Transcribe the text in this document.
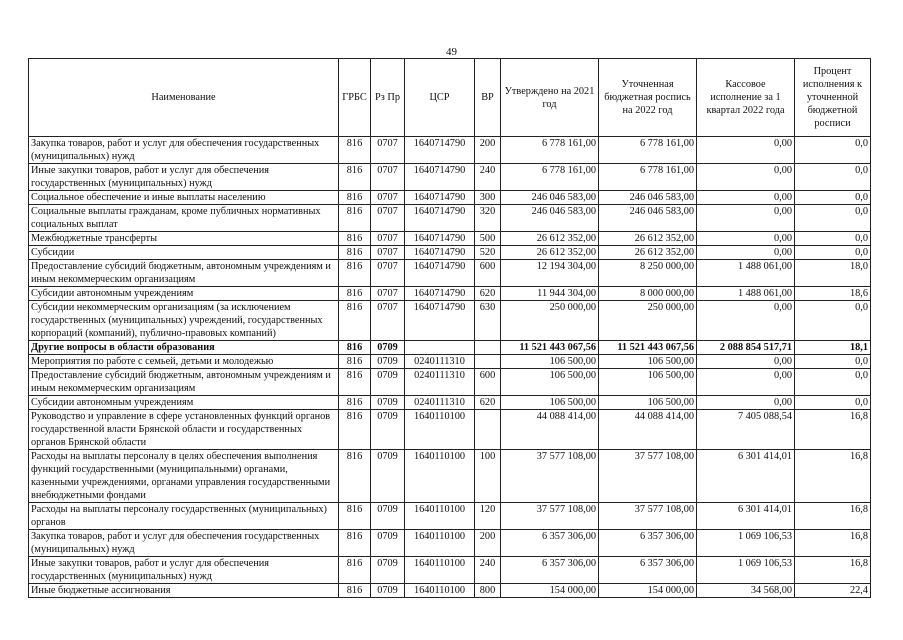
49
Наименование	ГРБС	Рз Пр	ЦСР	ВР	Утверждено на 2021 год	Уточненная бюджетная роспись на 2022 год	Кассовое исполнение за 1 квартал 2022 года	Процент исполнения к уточненной бюджетной росписи
Закупка товаров, работ и услуг для обеспечения государственных (муниципальных) нужд	816	0707	1640714790	200	6 778 161,00	6 778 161,00	0,00	0,0
Иные закупки товаров, работ и услуг для обеспечения государственных (муниципальных) нужд	816	0707	1640714790	240	6 778 161,00	6 778 161,00	0,00	0,0
Социальное обеспечение и иные выплаты населению	816	0707	1640714790	300	246 046 583,00	246 046 583,00	0,00	0,0
Социальные выплаты гражданам, кроме публичных нормативных социальных выплат	816	0707	1640714790	320	246 046 583,00	246 046 583,00	0,00	0,0
Межбюджетные трансферты	816	0707	1640714790	500	26 612 352,00	26 612 352,00	0,00	0,0
Субсидии	816	0707	1640714790	520	26 612 352,00	26 612 352,00	0,00	0,0
Предоставление субсидий бюджетным, автономным учреждениям и иным некоммерческим организациям	816	0707	1640714790	600	12 194 304,00	8 250 000,00	1 488 061,00	18,0
Субсидии автономным учреждениям	816	0707	1640714790	620	11 944 304,00	8 000 000,00	1 488 061,00	18,6
Субсидии некоммерческим организациям (за исключением государственных (муниципальных) учреждений, государственных корпораций (компаний), публично-правовых компаний)	816	0707	1640714790	630	250 000,00	250 000,00	0,00	0,0
Другие вопросы в области образования	816	0709			11 521 443 067,56	11 521 443 067,56	2 088 854 517,71	18,1
Мероприятия по работе с семьей, детьми и молодежью	816	0709	0240111310		106 500,00	106 500,00	0,00	0,0
Предоставление субсидий бюджетным, автономным учреждениям и иным некоммерческим организациям	816	0709	0240111310	600	106 500,00	106 500,00	0,00	0,0
Субсидии автономным учреждениям	816	0709	0240111310	620	106 500,00	106 500,00	0,00	0,0
Руководство и управление в сфере установленных функций органов государственной власти Брянской области и государственных органов Брянской области	816	0709	1640110100		44 088 414,00	44 088 414,00	7 405 088,54	16,8
Расходы на выплаты персоналу в целях обеспечения выполнения функций государственными (муниципальными) органами, казенными учреждениями, органами управления государственными внебюджетными фондами	816	0709	1640110100	100	37 577 108,00	37 577 108,00	6 301 414,01	16,8
Расходы на выплаты персоналу государственных (муниципальных) органов	816	0709	1640110100	120	37 577 108,00	37 577 108,00	6 301 414,01	16,8
Закупка товаров, работ и услуг для обеспечения государственных (муниципальных) нужд	816	0709	1640110100	200	6 357 306,00	6 357 306,00	1 069 106,53	16,8
Иные закупки товаров, работ и услуг для обеспечения государственных (муниципальных) нужд	816	0709	1640110100	240	6 357 306,00	6 357 306,00	1 069 106,53	16,8
Иные бюджетные ассигнования	816	0709	1640110100	800	154 000,00	154 000,00	34 568,00	22,4
